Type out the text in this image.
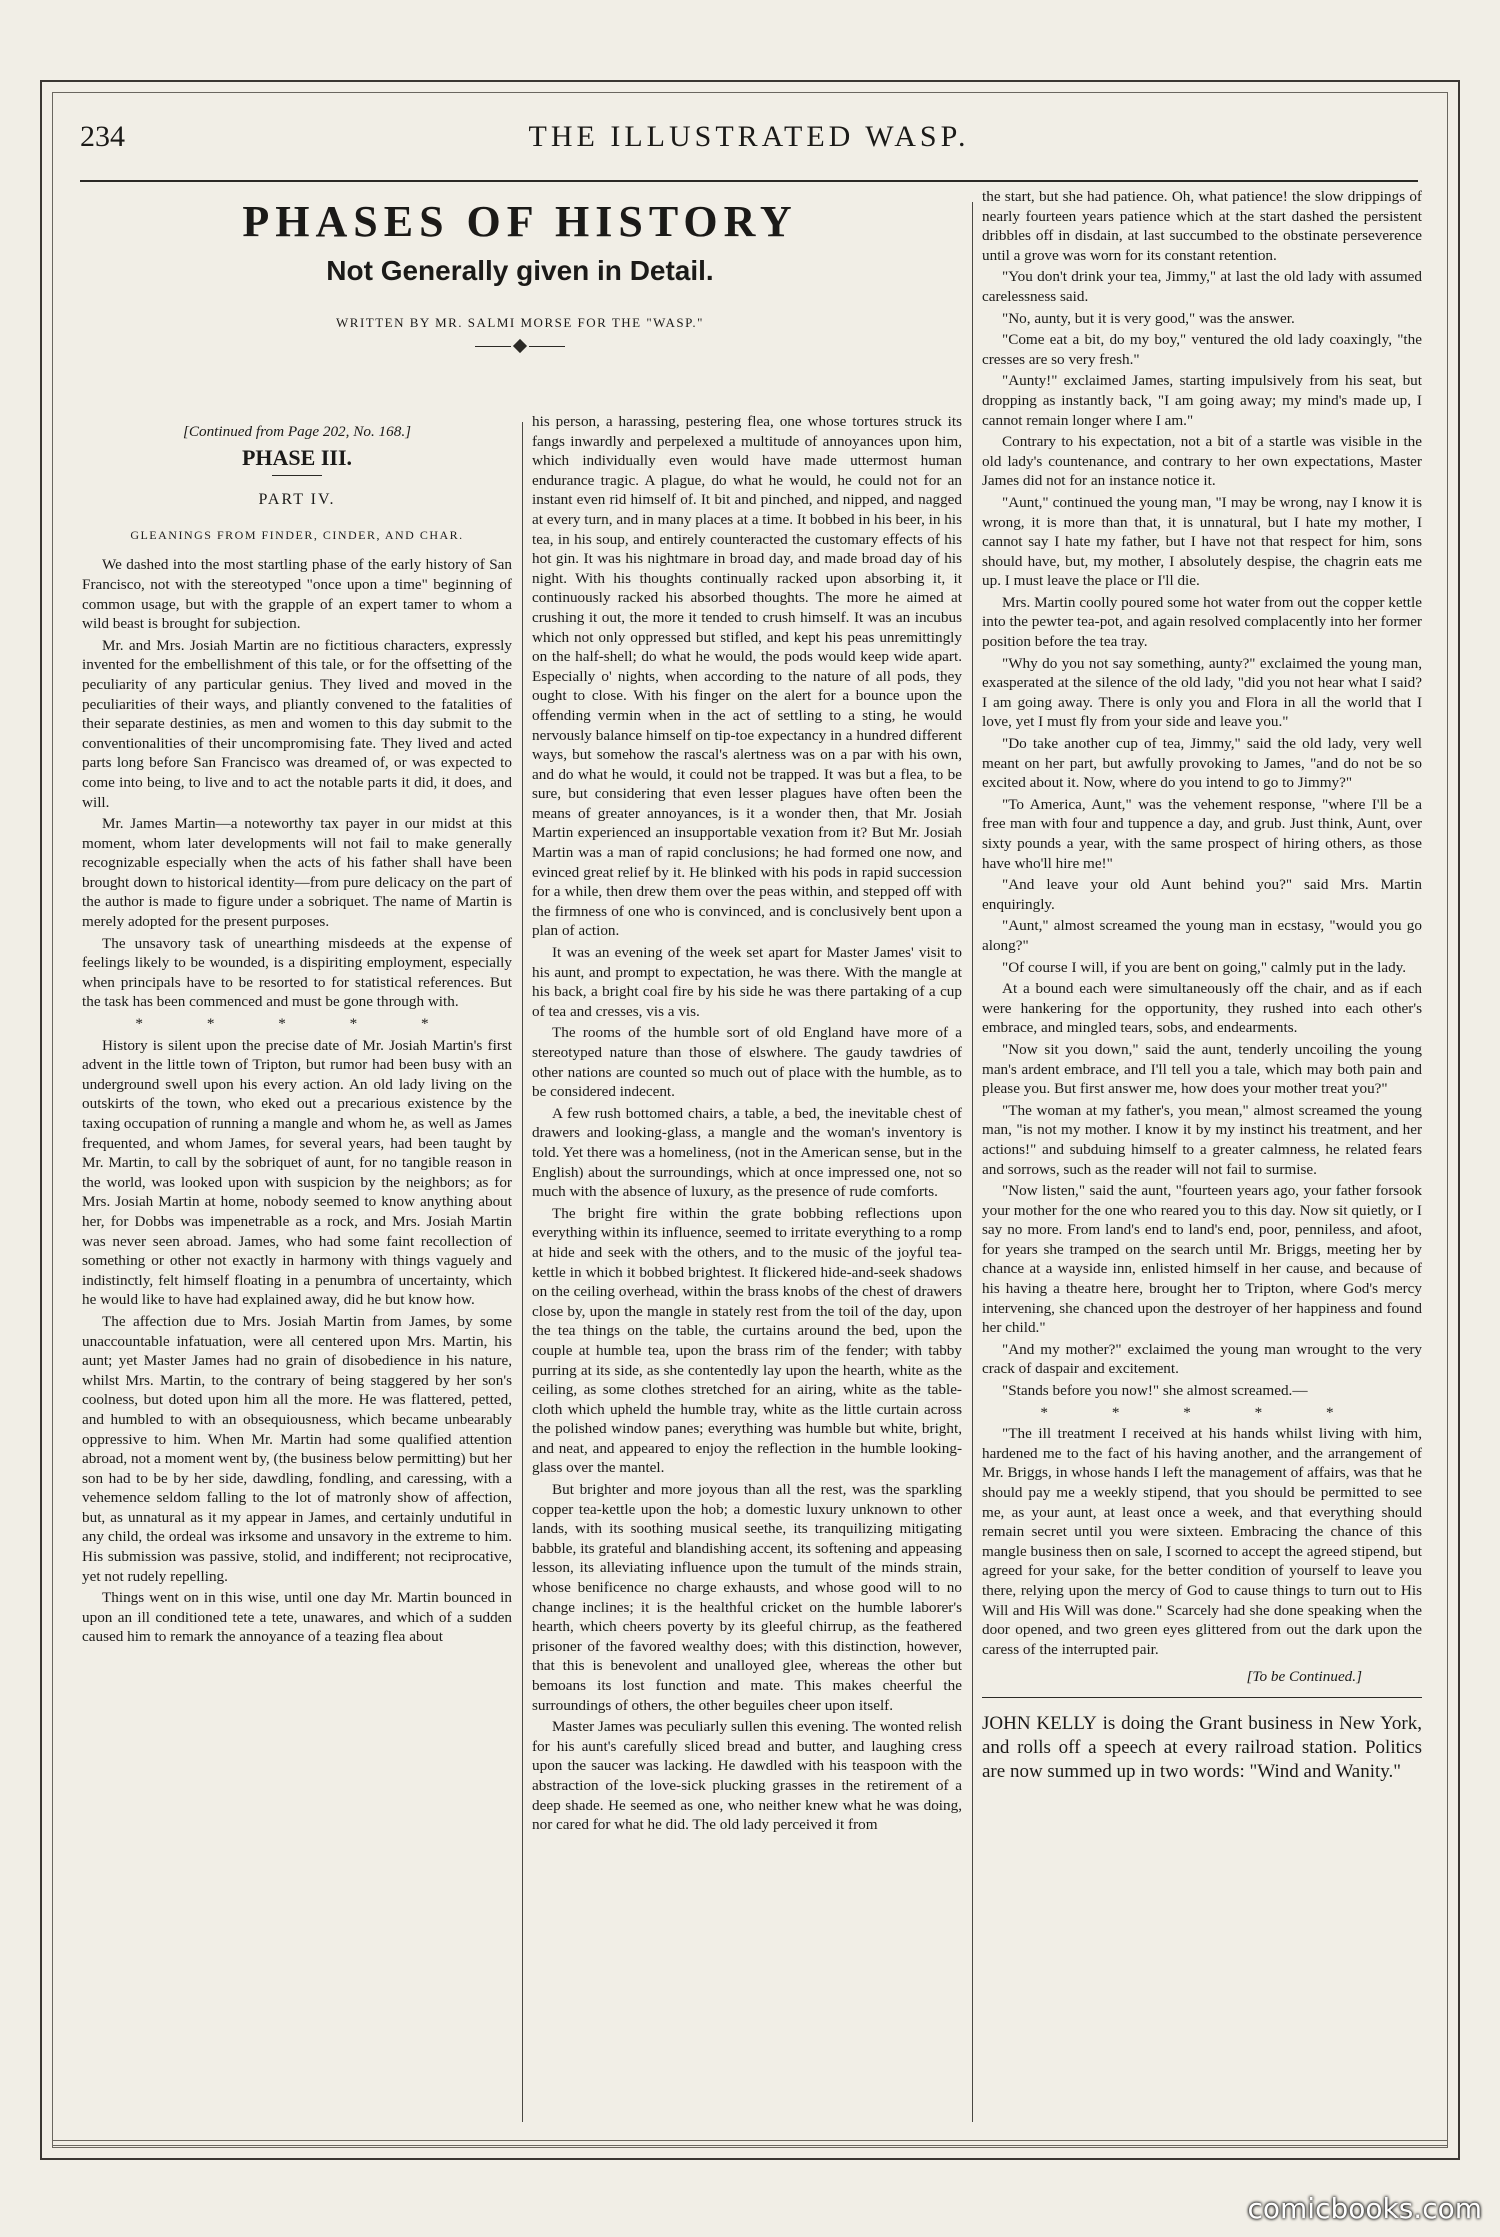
234	THE ILLUSTRATED WASP.
PHASES OF HISTORY
Not Generally given in Detail.
WRITTEN BY MR. SALMI MORSE FOR THE "WASP."
[Continued from Page 202, No. 168.]
PHASE III.
PART IV.
GLEANINGS FROM FINDER, CINDER, AND CHAR.

We dashed into the most startling phase of the early history of San Francisco, not with the stereotyped "once upon a time" beginning of common usage, but with the grapple of an expert tamer to whom a wild beast is brought for subjection.

Mr. and Mrs. Josiah Martin are no fictitious characters, expressly invented for the embellishment of this tale, or for the offsetting of the peculiarity of any particular genius. They lived and moved in the peculiarities of their ways, and pliantly convened to the fatalities of their separate destinies, as men and women to this day submit to the conventionalities of their uncompromising fate. They lived and acted parts long before San Francisco was dreamed of, or was expected to come into being, to live and to act the notable parts it did, it does, and will.

Mr. James Martin—a noteworthy tax payer in our midst at this moment, whom later developments will not fail to make generally recognizable especially when the acts of his father shall have been brought down to historical identity—from pure delicacy on the part of the author is made to figure under a sobriquet. The name of Martin is merely adopted for the present purposes.

The unsavory task of unearthing misdeeds at the expense of feelings likely to be wounded, is a dispiriting employment, especially when principals have to be resorted to for statistical references. But the task has been commenced and must be gone through with.

* * * * *

History is silent upon the precise date of Mr. Josiah Martin's first advent in the little town of Tripton, but rumor had been busy with an underground swell upon his every action. An old lady living on the outskirts of the town, who eked out a precarious existence by the taxing occupation of running a mangle and whom he, as well as James frequented, and whom James, for several years, had been taught by Mr. Martin, to call by the sobriquet of aunt, for no tangible reason in the world, was looked upon with suspicion by the neighbors; as for Mrs. Josiah Martin at home, nobody seemed to know anything about her, for Dobbs was impenetrable as a rock, and Mrs. Josiah Martin was never seen abroad. James, who had some faint recollection of something or other not exactly in harmony with things vaguely and indistinctly, felt himself floating in a penumbra of uncertainty, which he would like to have had explained away, did he but know how.

The affection due to Mrs. Josiah Martin from James, by some unaccountable infatuation, were all centered upon Mrs. Martin, his aunt; yet Master James had no grain of disobedience in his nature, whilst Mrs. Martin, to the contrary of being staggered by her son's coolness, but doted upon him all the more. He was flattered, petted, and humbled to with an obsequiousness, which became unbearably oppressive to him. When Mr. Martin had some qualified attention abroad, not a moment went by, (the business below permitting) but her son had to be by her side, dawdling, fondling, and caressing, with a vehemence seldom falling to the lot of matronly show of affection, but, as unnatural as it my appear in James, and certainly undutiful in any child, the ordeal was irksome and unsavory in the extreme to him. His submission was passive, stolid, and indifferent; not reciprocative, yet not rudely repelling.

Things went on in this wise, until one day Mr. Martin bounced in upon an ill conditioned tete a tete, unawares, and which of a sudden caused him to remark the annoyance of a teazing flea about

his person, a harassing, pestering flea, one whose tortures struck its fangs inwardly and perpelexed a multitude of annoyances upon him, which individually even would have made uttermost human endurance tragic. A plague, do what he would, he could not for an instant even rid himself of. It bit and pinched, and nipped, and nagged at every turn, and in many places at a time. It bobbed in his beer, in his tea, in his soup, and entirely counteracted the customary effects of his hot gin. It was his nightmare in broad day, and made broad day of his night. With his thoughts continually racked upon absorbing it, it continuously racked his absorbed thoughts. The more he aimed at crushing it out, the more it tended to crush himself. It was an incubus which not only oppressed but stifled, and kept his peas unremittingly on the half-shell; do what he would, the pods would keep wide apart. Especially o' nights, when according to the nature of all pods, they ought to close. With his finger on the alert for a bounce upon the offending vermin when in the act of settling to a sting, he would nervously balance himself on tip-toe expectancy in a hundred different ways, but somehow the rascal's alertness was on a par with his own, and do what he would, it could not be trapped. It was but a flea, to be sure, but considering that even lesser plagues have often been the means of greater annoyances, is it a wonder then, that Mr. Josiah Martin experienced an insupportable vexation from it? But Mr. Josiah Martin was a man of rapid conclusions; he had formed one now, and evinced great relief by it. He blinked with his pods in rapid succession for a while, then drew them over the peas within, and stepped off with the firmness of one who is convinced, and is conclusively bent upon a plan of action.

It was an evening of the week set apart for Master James' visit to his aunt, and prompt to expectation, he was there. With the mangle at his back, a bright coal fire by his side he was there partaking of a cup of tea and cresses, vis a vis.

The rooms of the humble sort of old England have more of a stereotyped nature than those of elswhere. The gaudy tawdries of other nations are counted so much out of place with the humble, as to be considered indecent.

A few rush bottomed chairs, a table, a bed, the inevitable chest of drawers and looking-glass, a mangle and the woman's inventory is told. Yet there was a homeliness, (not in the American sense, but in the English) about the surroundings, which at once impressed one, not so much with the absence of luxury, as the presence of rude comforts.

The bright fire within the grate bobbing reflections upon everything within its influence, seemed to irritate everything to a romp at hide and seek with the others, and to the music of the joyful tea-kettle in which it bobbed brightest. It flickered hide-and-seek shadows on the ceiling overhead, within the brass knobs of the chest of drawers close by, upon the mangle in stately rest from the toil of the day, upon the tea things on the table, the curtains around the bed, upon the couple at humble tea, upon the brass rim of the fender; with tabby purring at its side, as she contentedly lay upon the hearth, white as the ceiling, as some clothes stretched for an airing, white as the table-cloth which upheld the humble tray, white as the little curtain across the polished window panes; everything was humble but white, bright, and neat, and appeared to enjoy the reflection in the humble looking-glass over the mantel.

But brighter and more joyous than all the rest, was the sparkling copper tea-kettle upon the hob; a domestic luxury unknown to other lands, with its soothing musical seethe, its tranquilizing mitigating babble, its grateful and blandishing accent, its softening and appeasing lesson, its alleviating influence upon the tumult of the minds strain, whose benificence no charge exhausts, and whose good will to no change inclines; it is the healthful cricket on the humble laborer's hearth, which cheers poverty by its gleeful chirrup, as the feathered prisoner of the favored wealthy does; with this distinction, however, that this is benevolent and unalloyed glee, whereas the other but bemoans its lost function and mate. This makes cheerful the surroundings of others, the other beguiles cheer upon itself.

Master James was peculiarly sullen this evening. The wonted relish for his aunt's carefully sliced bread and butter, and laughing cress upon the saucer was lacking. He dawdled with his teaspoon with the abstraction of the love-sick plucking grasses in the retirement of a deep shade. He seemed as one, who neither knew what he was doing, nor cared for what he did. The old lady perceived it from

the start, but she had patience. Oh, what patience! the slow drippings of nearly fourteen years patience which at the start dashed the persistent dribbles off in disdain, at last succumbed to the obstinate perseverence until a grove was worn for its constant retention.

"You don't drink your tea, Jimmy," at last the old lady with assumed carelessness said.

"No, aunty, but it is very good," was the answer.

"Come eat a bit, do my boy," ventured the old lady coaxingly, "the cresses are so very fresh."

"Aunty!" exclaimed James, starting impulsively from his seat, but dropping as instantly back, "I am going away; my mind's made up, I cannot remain longer where I am."

Contrary to his expectation, not a bit of a startle was visible in the old lady's countenance, and contrary to her own expectations, Master James did not for an instance notice it.

"Aunt," continued the young man, "I may be wrong, nay I know it is wrong, it is more than that, it is unnatural, but I hate my mother, I cannot say I hate my father, but I have not that respect for him, sons should have, but, my mother, I absolutely despise, the chagrin eats me up. I must leave the place or I'll die.

Mrs. Martin coolly poured some hot water from out the copper kettle into the pewter tea-pot, and again resolved complacently into her former position before the tea tray.

"Why do you not say something, aunty?" exclaimed the young man, exasperated at the silence of the old lady, "did you not hear what I said? I am going away. There is only you and Flora in all the world that I love, yet I must fly from your side and leave you."

"Do take another cup of tea, Jimmy," said the old lady, very well meant on her part, but awfully provoking to James, "and do not be so excited about it. Now, where do you intend to go to Jimmy?"

"To America, Aunt," was the vehement response, "where I'll be a free man with four and tuppence a day, and grub. Just think, Aunt, over sixty pounds a year, with the same prospect of hiring others, as those have who'll hire me!"

"And leave your old Aunt behind you?" said Mrs. Martin enquiringly.

"Aunt," almost screamed the young man in ecstasy, "would you go along?"

"Of course I will, if you are bent on going," calmly put in the lady.

At a bound each were simultaneously off the chair, and as if each were hankering for the opportunity, they rushed into each other's embrace, and mingled tears, sobs, and endearments.

"Now sit you down," said the aunt, tenderly uncoiling the young man's ardent embrace, and I'll tell you a tale, which may both pain and please you. But first answer me, how does your mother treat you?"

"The woman at my father's, you mean," almost screamed the young man, "is not my mother. I know it by my instinct his treatment, and her actions!" and subduing himself to a greater calmness, he related fears and sorrows, such as the reader will not fail to surmise.

"Now listen," said the aunt, "fourteen years ago, your father forsook your mother for the one who reared you to this day. Now sit quietly, or I say no more. From land's end to land's end, poor, penniless, and afoot, for years she tramped on the search until Mr. Briggs, meeting her by chance at a wayside inn, enlisted himself in her cause, and because of his having a theatre here, brought her to Tripton, where God's mercy intervening, she chanced upon the destroyer of her happiness and found her child."

"And my mother?" exclaimed the young man wrought to the very crack of daspair and excitement.

"Stands before you now!" she almost screamed.—

* * * * *

"The ill treatment I received at his hands whilst living with him, hardened me to the fact of his having another, and the arrangement of Mr. Briggs, in whose hands I left the management of affairs, was that he should pay me a weekly stipend, that you should be permitted to see me, as your aunt, at least once a week, and that everything should remain secret until you were sixteen. Embracing the chance of this mangle business then on sale, I scorned to accept the agreed stipend, but agreed for your sake, for the better condition of yourself to leave you there, relying upon the mercy of God to cause things to turn out to His Will and His Will was done." Scarcely had she done speaking when the door opened, and two green eyes glittered from out the dark upon the caress of the interrupted pair.

[To be Continued.]
JOHN KELLY is doing the Grant business in New York, and rolls off a speech at every railroad station. Politics are now summed up in two words: "Wind and Wanity."
comicbooks.com
